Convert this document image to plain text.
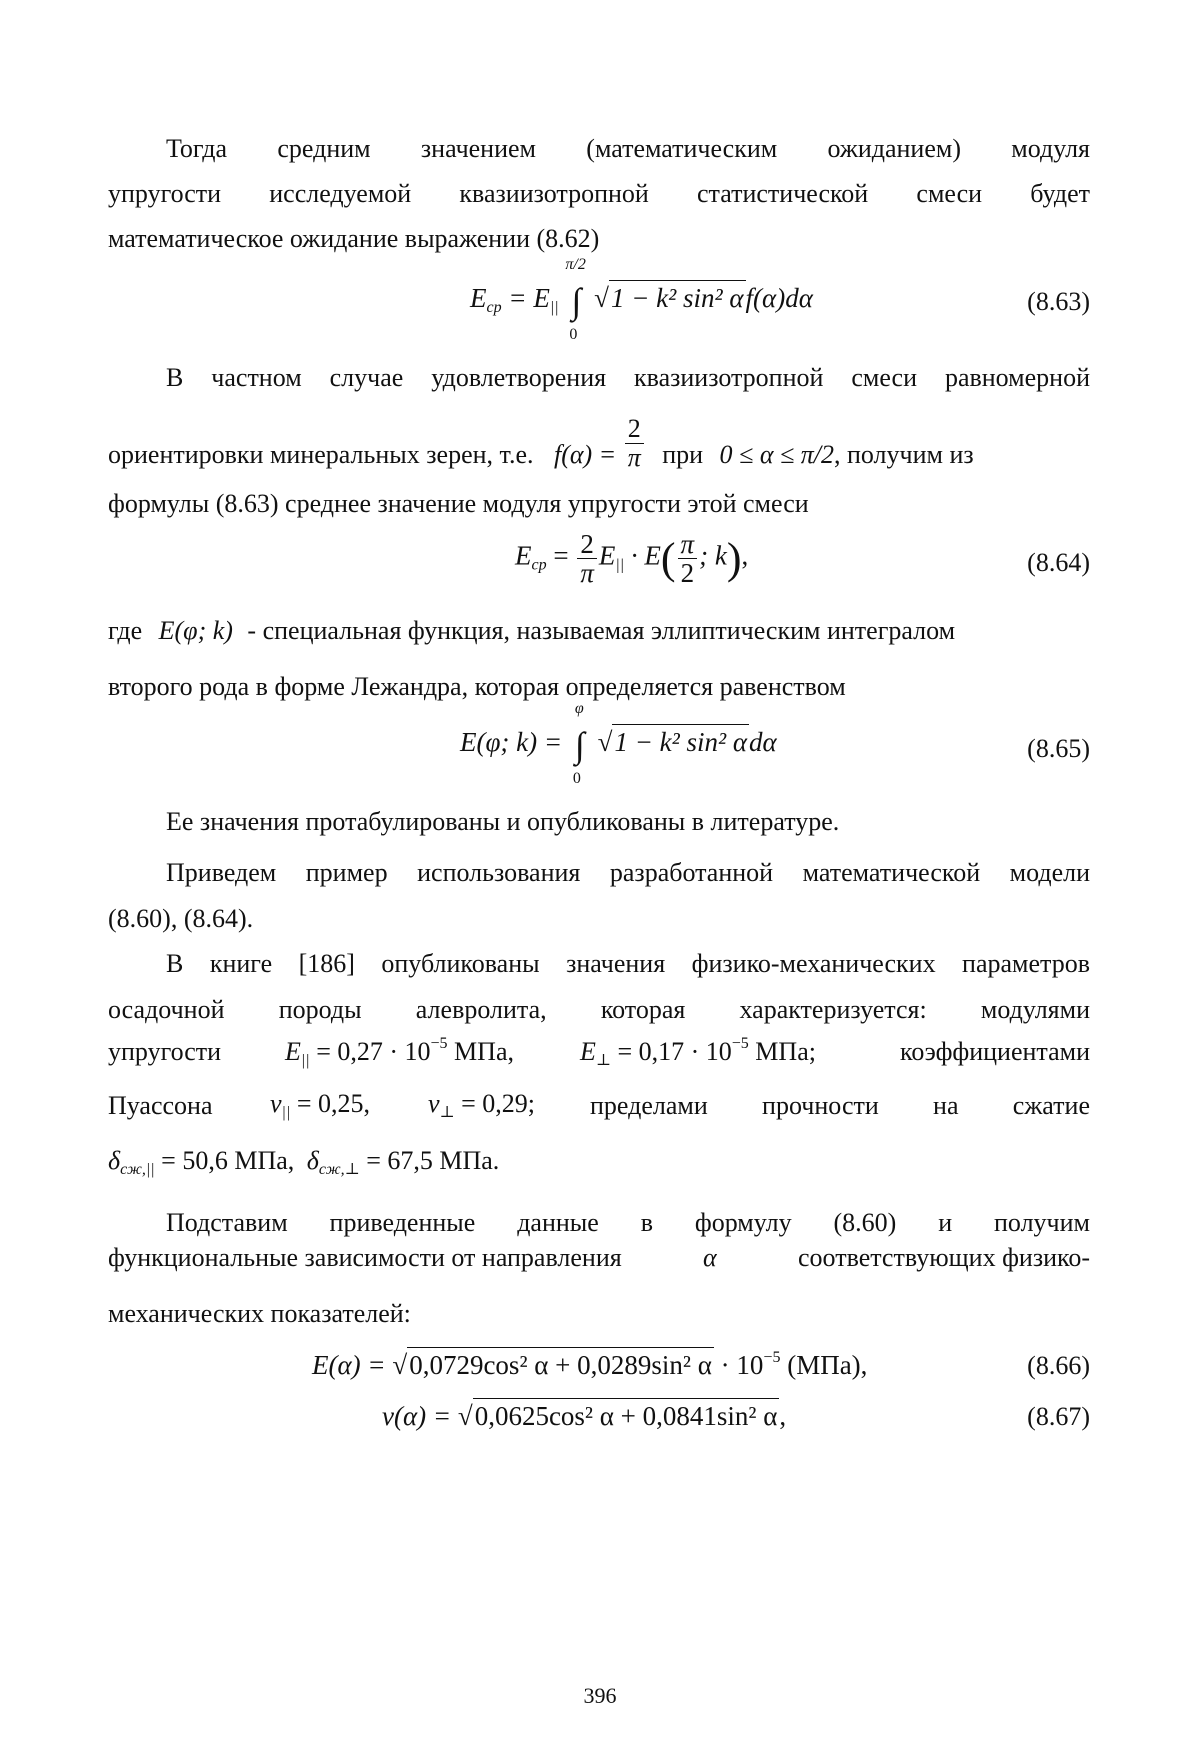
Тогда средним значением (математическим ожиданием) модуля

упругости исследуемой квазиизотропной статистической смеси будет

математическое ожидание выражении (8.62)

$E_{ср} = E_{||}$
π/2
∫
0
√1 − k² sin² αf(α)dα	(8.63)

В частном случае удовлетворения квазиизотропной смеси равномерной

ориентировки минеральных зерен, т.е. $f(\alpha) = \frac{2}{\pi}$ при 0 ≤ α ≤ π/2, получим из

формулы (8.63) среднее значение модуля упругости этой смеси

$E_{ср} = \frac{2}{\pi} E_{||} \cdot E( \frac{\pi}{2}$ ; k),	(8.64)
где E(φ; k) - специальная функция, называемая эллиптическим интегралом

второго рода в форме Лежандра, которая определяется равенством

E(φ; k) =
φ
∫
0
√1 − k² sin² αdα	(8.65)

Ее значения протабулированы и опубликованы в литературе.

Приведем пример использования разработанной математической модели

(8.60), (8.64).

В книге [186] опубликованы значения физико-механических параметров

осадочной породы алевролита, которая характеризуется: модулями

упругости $E_{||} = 0,27 \cdot 10^{-5}$ МПа,	$E_\perp = 0,17 \cdot 10^{-5}$ МПа;	коэффициентами
Пуассона $\nu_{||} = 0,25$, $\nu_\perp = 0,29$; пределами прочности на сжатие
$\delta_{сж,||} = 50,6$ МПа, $\delta_{сж,\perp} = 67,5$ МПа.

Подставим приведенные данные в формулу (8.60) и получим

функциональные зависимости от направления	α	соответствующих физико-

механических показателей:

E(α) = √0,0729cos² α + 0,0289sin² $\alpha \cdot 10^{-5}$ (МПа),	(8.66)
ν(α) = √0,0625cos² α + 0,0841sin² α,	(8.67)
396
